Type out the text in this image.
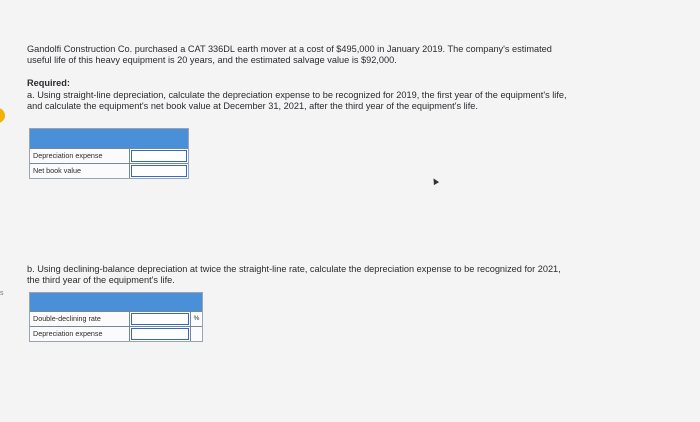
s

Gandolfi Construction Co. purchased a CAT 336DL earth mover at a cost of $495,000 in January 2019. The company's estimated
useful life of this heavy equipment is 20 years, and the estimated salvage value is $92,000.

Required:

a. Using straight-line depreciation, calculate the depreciation expense to be recognized for 2019, the first year of the equipment's life,
and calculate the equipment's net book value at December 31, 2021, after the third year of the equipment's life.

Depreciation expense
Net book value

b. Using declining-balance depreciation at twice the straight-line rate, calculate the depreciation expense to be recognized for 2021,
the third year of the equipment's life.

Double-declining rate	%
Depreciation expense
